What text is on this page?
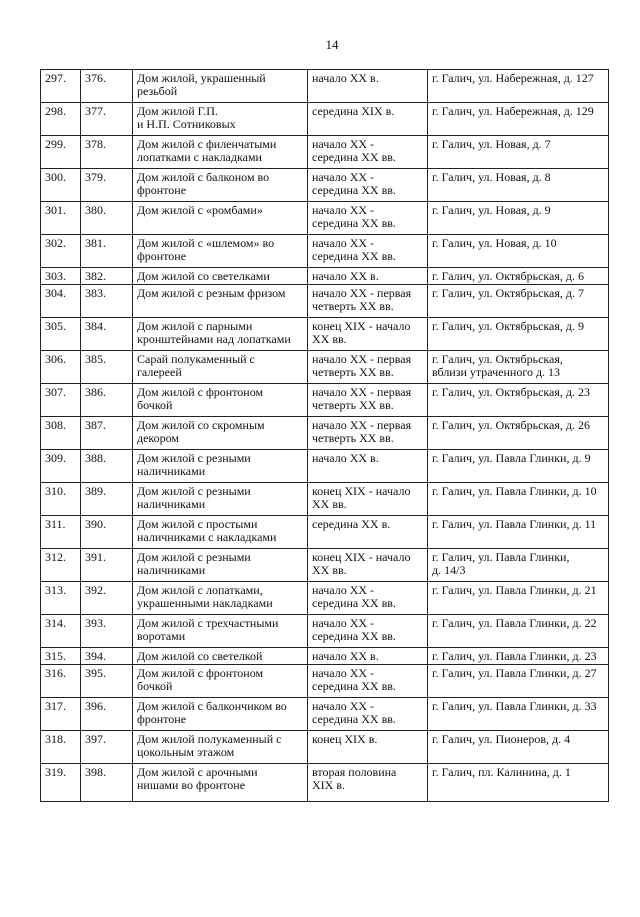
14
297.	376.	Дом жилой, украшенный
резьбой	начало XX в.	г. Галич, ул. Набережная, д. 127
298.	377.	Дом жилой Г.П.
и Н.П. Сотниковых	середина XIX в.	г. Галич, ул. Набережная, д. 129
299.	378.	Дом жилой с филенчатыми
лопатками с накладками	начало XX -
середина XX вв.	г. Галич, ул. Новая, д. 7
300.	379.	Дом жилой с балконом во
фронтоне	начало XX -
середина XX вв.	г. Галич, ул. Новая, д. 8
301.	380.	Дом жилой с «ромбами»	начало XX -
середина XX вв.	г. Галич, ул. Новая, д. 9
302.	381.	Дом жилой с «шлемом» во
фронтоне	начало XX -
середина XX вв.	г. Галич, ул. Новая, д. 10
303.	382.	Дом жилой со светелками	начало XX в.	г. Галич, ул. Октябрьская, д. 6
304.	383.	Дом жилой с резным фризом	начало XX - первая
четверть XX вв.	г. Галич, ул. Октябрьская, д. 7
305.	384.	Дом жилой с парными
кронштейнами над лопатками	конец XIX - начало
XX вв.	г. Галич, ул. Октябрьская, д. 9
306.	385.	Сарай полукаменный с
галереей	начало XX - первая
четверть XX вв.	г. Галич, ул. Октябрьская,
вблизи утраченного д. 13
307.	386.	Дом жилой с фронтоном
бочкой	начало XX - первая
четверть XX вв.	г. Галич, ул. Октябрьская, д. 23
308.	387.	Дом жилой со скромным
декором	начало XX - первая
четверть XX вв.	г. Галич, ул. Октябрьская, д. 26
309.	388.	Дом жилой с резными
наличниками	начало XX в.	г. Галич, ул. Павла Глинки, д. 9
310.	389.	Дом жилой с резными
наличниками	конец XIX - начало
XX вв.	г. Галич, ул. Павла Глинки, д. 10
311.	390.	Дом жилой с простыми
наличниками с накладками	середина XX в.	г. Галич, ул. Павла Глинки, д. 11
312.	391.	Дом жилой с резными
наличниками	конец XIX - начало
XX вв.	г. Галич, ул. Павла Глинки,
д. 14/3
313.	392.	Дом жилой с лопатками,
украшенными накладками	начало XX -
середина XX вв.	г. Галич, ул. Павла Глинки, д. 21
314.	393.	Дом жилой с трехчастными
воротами	начало XX -
середина XX вв.	г. Галич, ул. Павла Глинки, д. 22
315.	394.	Дом жилой со светелкой	начало XX в.	г. Галич, ул. Павла Глинки, д. 23
316.	395.	Дом жилой с фронтоном
бочкой	начало XX -
середина XX вв.	г. Галич, ул. Павла Глинки, д. 27
317.	396.	Дом жилой с балкончиком во
фронтоне	начало XX -
середина XX вв.	г. Галич, ул. Павла Глинки, д. 33
318.	397.	Дом жилой полукаменный с
цокольным этажом	конец XIX в.	г. Галич, ул. Пионеров, д. 4
319.	398.	Дом жилой с арочными
нишами во фронтоне	вторая половина
XIX в.	г. Галич, пл. Калинина, д. 1
